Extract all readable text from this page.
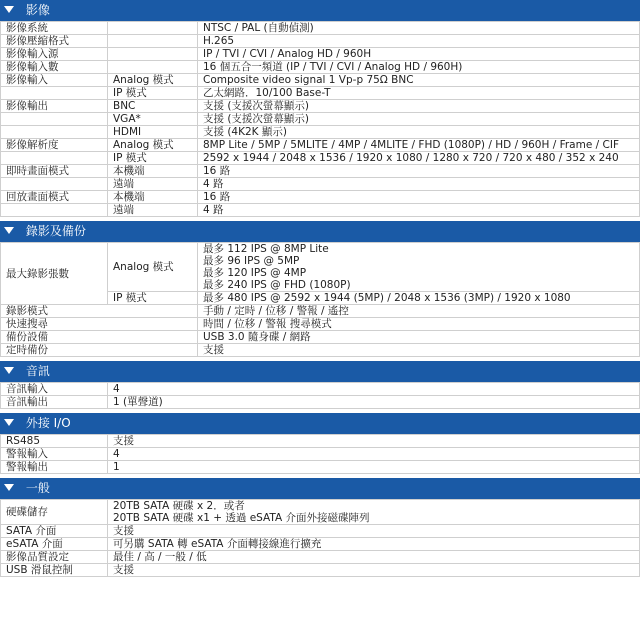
影像
影像系統		NTSC / PAL (自動偵測)
影像壓縮格式		H.265
影像輸入源		IP / TVI / CVI / Analog HD / 960H
影像輸入數		16 個五合一頻道 (IP / TVI / CVI / Analog HD / 960H)
影像輸入	Analog 模式	Composite video signal 1 Vp-p 75Ω BNC
	IP 模式	乙太網路．10/100 Base-T
影像輸出	BNC	支援 (支援次螢幕顯示)
	VGA*	支援 (支援次螢幕顯示)
	HDMI	支援 (4K2K 顯示)
影像解析度	Analog 模式	8MP Lite / 5MP / 5MLITE / 4MP / 4MLITE / FHD (1080P) / HD / 960H / Frame / CIF
	IP 模式	2592 x 1944 / 2048 x 1536 / 1920 x 1080 / 1280 x 720 / 720 x 480 / 352 x 240
即時畫面模式	本機端	16 路
	遠端	4 路
回放畫面模式	本機端	16 路
	遠端	4 路
錄影及備份
最大錄影張數	Analog 模式	最多 112 IPS @ 8MP Lite
最多 96 IPS @ 5MP
最多 120 IPS @ 4MP
最多 240 IPS @ FHD (1080P)

	IP 模式	最多 480 IPS @ 2592 x 1944 (5MP) / 2048 x 1536 (3MP) / 1920 x 1080
錄影模式		手動 / 定時 / 位移 / 警報 / 遙控
快速搜尋		時間 / 位移 / 警報 搜尋模式
備份設備		USB 3.0 隨身碟 / 網路
定時備份		支援
音訊
音訊輸入	4
音訊輸出	1 (單聲道)
外接 I/O
RS485	支援
警報輸入	4
警報輸出	1
一般
硬碟儲存	20TB SATA 硬碟 x 2．或者
20TB SATA 硬碟 x1 + 透過 eSATA 介面外接磁碟陣列

SATA 介面	支援
eSATA 介面	可另購 SATA 轉 eSATA 介面轉接線進行擴充
影像品質設定	最佳 / 高 / 一般 / 低
USB 滑鼠控制	支援
